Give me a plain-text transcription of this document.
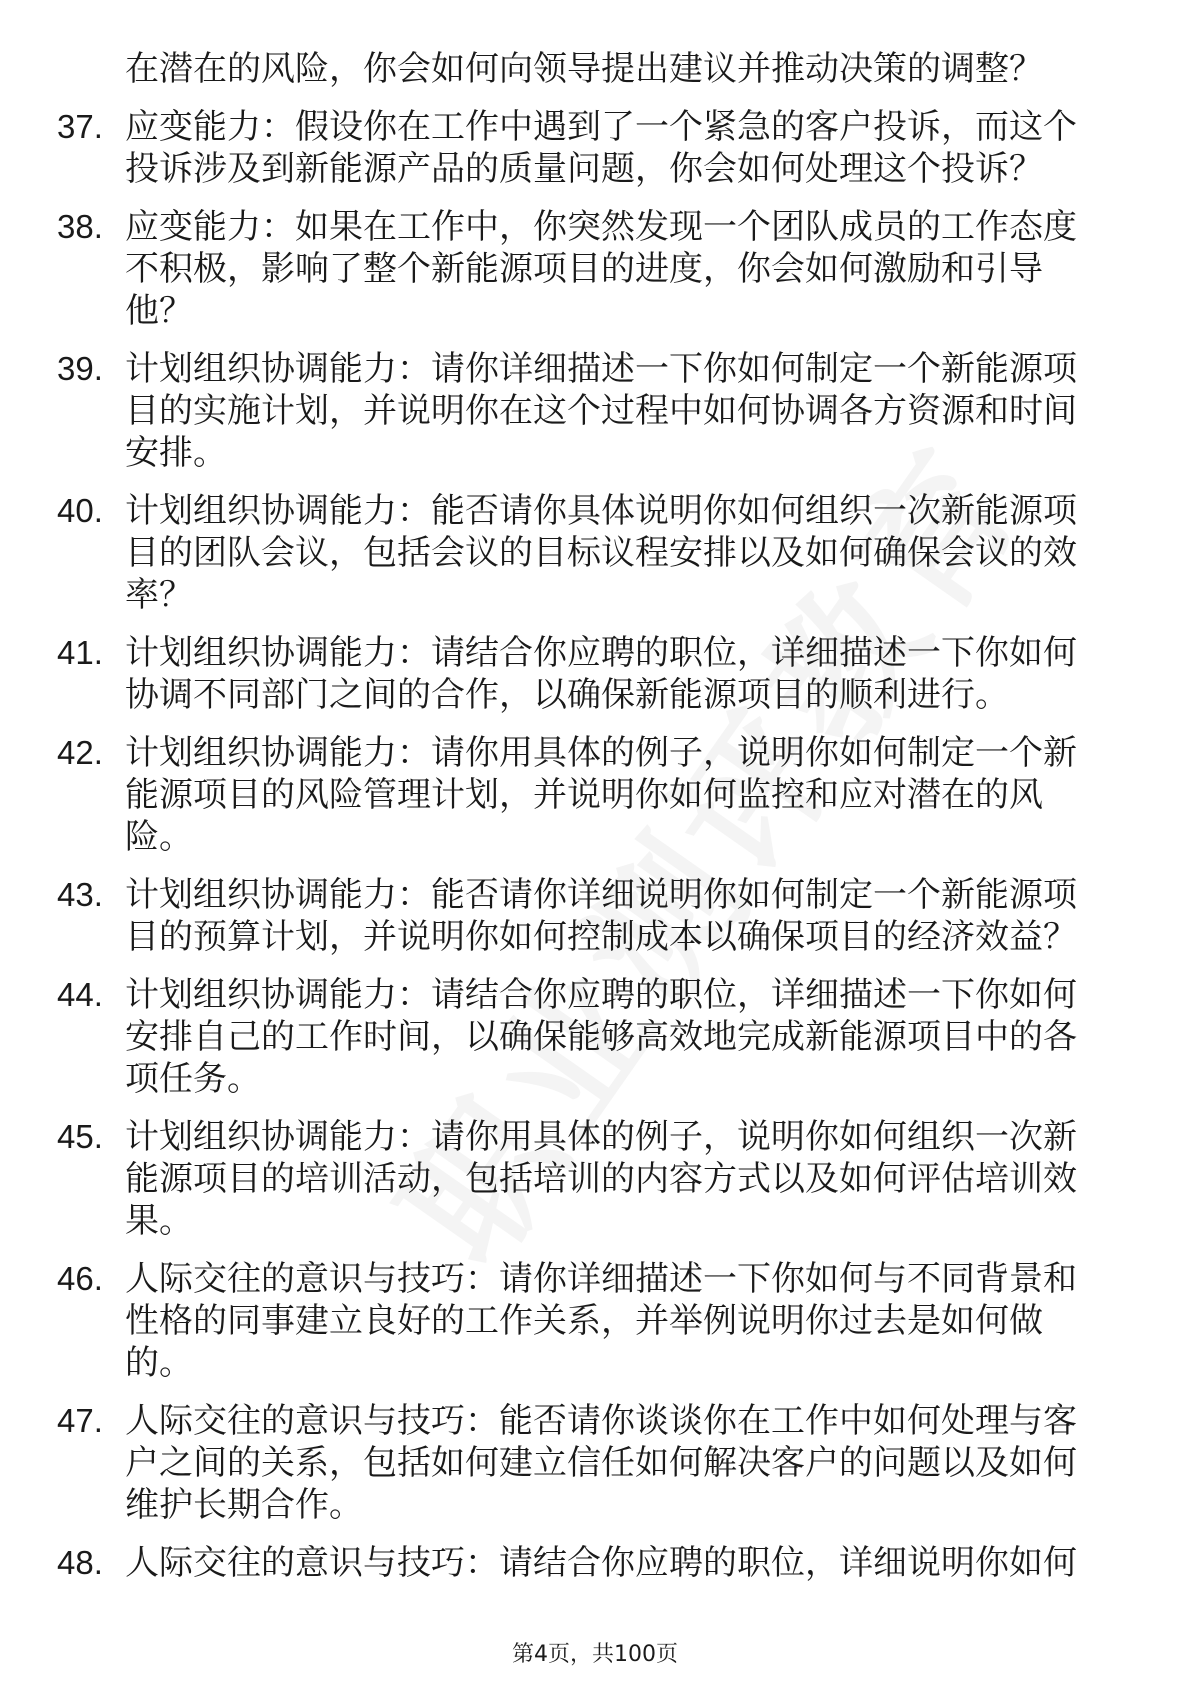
在潜在的风险，你会如何向领导提出建议并推动决策的调整？
37. 应变能力：假设你在工作中遇到了一个紧急的客户投诉，而这个
投诉涉及到新能源产品的质量问题，你会如何处理这个投诉？
38. 应变能力：如果在工作中，你突然发现一个团队成员的工作态度
不积极，影响了整个新能源项目的进度，你会如何激励和引导
他？
39. 计划组织协调能力：请你详细描述一下你如何制定一个新能源项
目的实施计划，并说明你在这个过程中如何协调各方资源和时间
安排。
40. 计划组织协调能力：能否请你具体说明你如何组织一次新能源项
目的团队会议，包括会议的目标议程安排以及如何确保会议的效
率？
41. 计划组织协调能力：请结合你应聘的职位，详细描述一下你如何
协调不同部门之间的合作，以确保新能源项目的顺利进行。
42. 计划组织协调能力：请你用具体的例子，说明你如何制定一个新
能源项目的风险管理计划，并说明你如何监控和应对潜在的风
险。
43. 计划组织协调能力：能否请你详细说明你如何制定一个新能源项
目的预算计划，并说明你如何控制成本以确保项目的经济效益？
44. 计划组织协调能力：请结合你应聘的职位，详细描述一下你如何
安排自己的工作时间，以确保能够高效地完成新能源项目中的各
项任务。
45. 计划组织协调能力：请你用具体的例子，说明你如何组织一次新
能源项目的培训活动，包括培训的内容方式以及如何评估培训效
果。
46. 人际交往的意识与技巧：请你详细描述一下你如何与不同背景和
性格的同事建立良好的工作关系，并举例说明你过去是如何做
的。
47. 人际交往的意识与技巧：能否请你谈谈你在工作中如何处理与客
户之间的关系，包括如何建立信任如何解决客户的问题以及如何
维护长期合作。
48. 人际交往的意识与技巧：请结合你应聘的职位，详细说明你如何
第4页，共100页
